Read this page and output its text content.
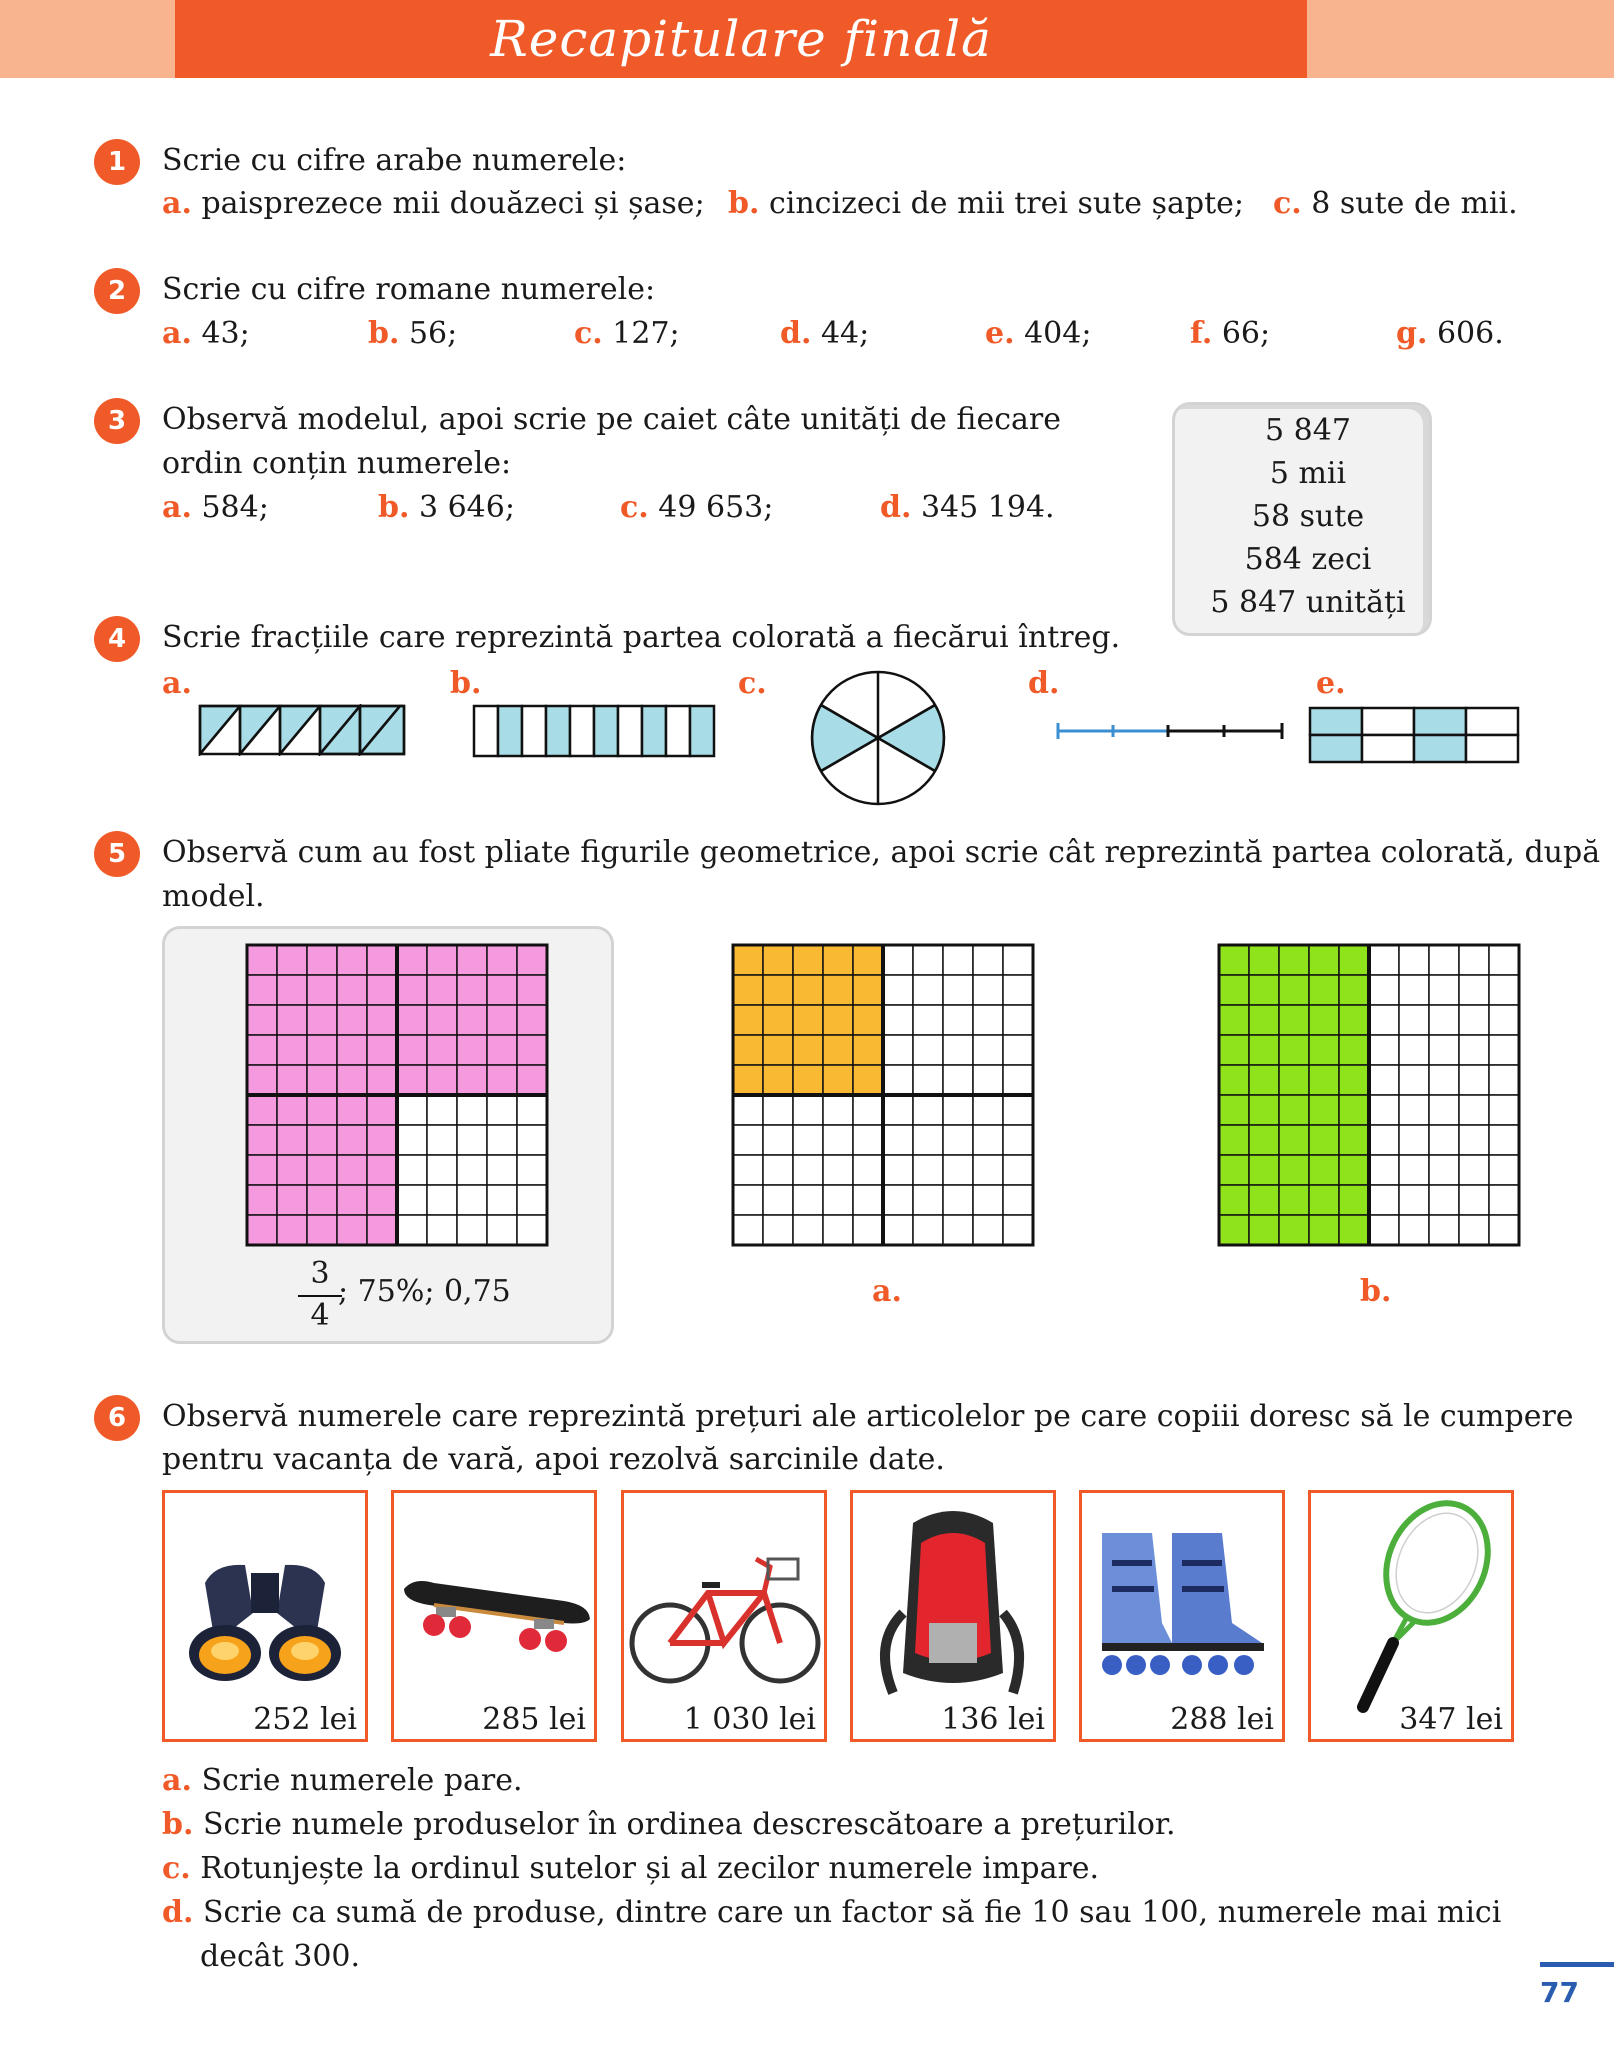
Recapitulare finală
1	Scrie cu cifre arabe numerele:
a. paisprezece mii douăzeci și șase; b. cincizeci de mii trei sute șapte; c. 8 sute de mii.
2	Scrie cu cifre romane numerele:
a. 43;	b. 56;	c. 127;	d. 44;	e. 404;	f. 66;	g. 606.
3	Observă modelul, apoi scrie pe caiet câte unități de fiecare
ordin conțin numerele:
a. 584;	b. 3 646;	c. 49 653;	d. 345 194.
5 847
5 mii
58 sute
584 zeci
5 847 unități
4	Scrie fracțiile care reprezintă partea colorată a fiecărui întreg.
a.	b.	c.	d.	e.
5	Observă cum au fost pliate figurile geometrice, apoi scrie cât reprezintă partea colorată, după
model.
3
4
; 75%; 0,75	a.	b.
6	Observă numerele care reprezintă prețuri ale articolelor pe care copiii doresc să le cumpere
pentru vacanța de vară, apoi rezolvă sarcinile date.
252 lei	285 lei	1 030 lei	136 lei	288 lei	347 lei
a. Scrie numerele pare.
b. Scrie numele produselor în ordinea descrescătoare a prețurilor.
c. Rotunjește la ordinul sutelor și al zecilor numerele impare.
d. Scrie ca sumă de produse, dintre care un factor să fie 10 sau 100, numerele mai mici
decât 300.
77
